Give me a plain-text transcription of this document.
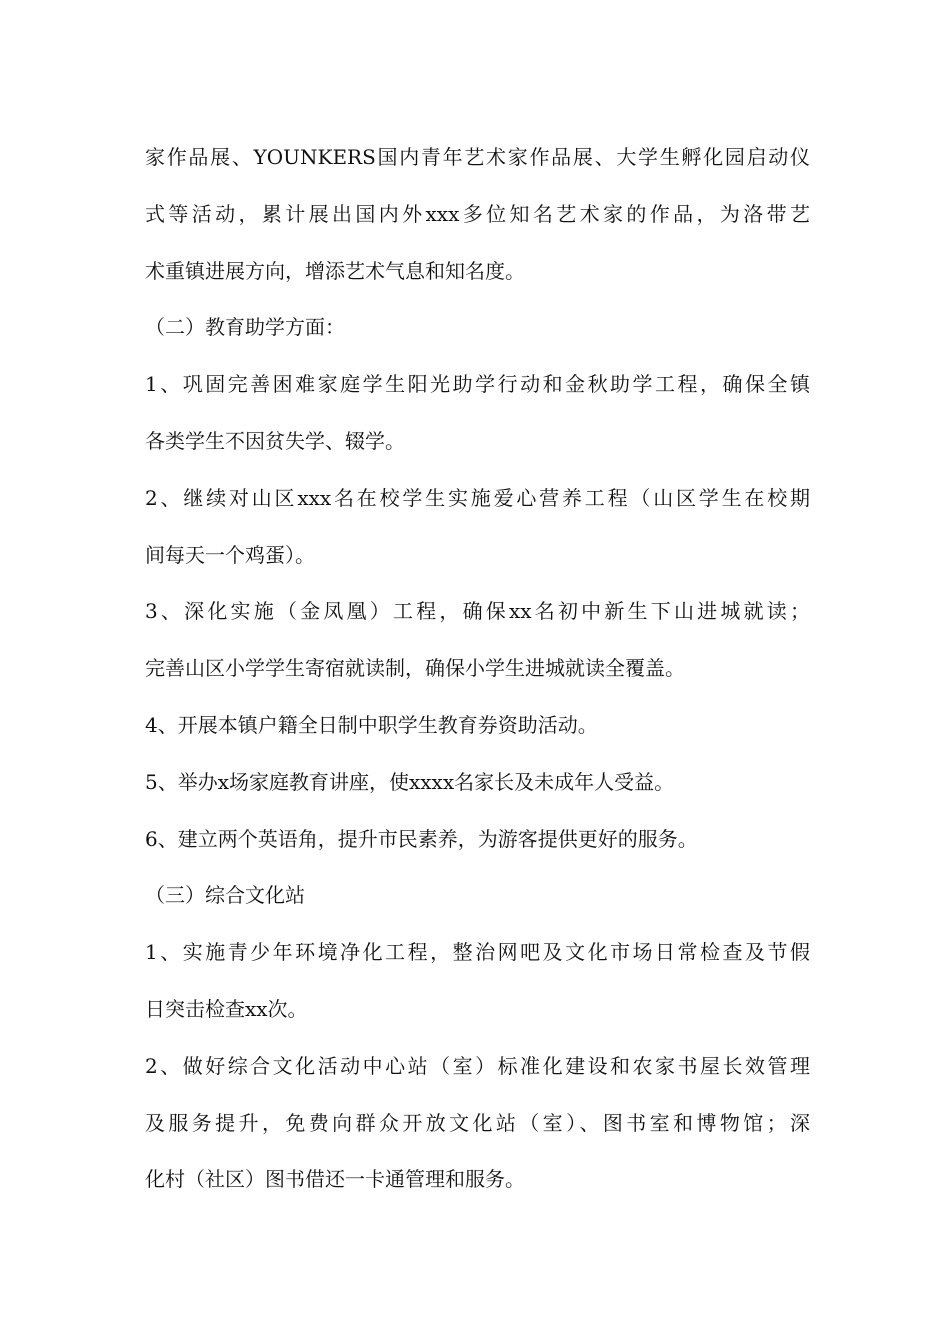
家作品展、YOUNKERS国内青年艺术家作品展、大学生孵化园启动仪
式等活动，累计展出国内外xxx多位知名艺术家的作品，为洛带艺
术重镇进展方向，增添艺术气息和知名度。
（二）教育助学方面：
1、巩固完善困难家庭学生阳光助学行动和金秋助学工程，确保全镇
各类学生不因贫失学、辍学。
2、继续对山区xxx名在校学生实施爱心营养工程（山区学生在校期
间每天一个鸡蛋）。
3、深化实施（金凤凰）工程，确保xx名初中新生下山进城就读；
完善山区小学学生寄宿就读制，确保小学生进城就读全覆盖。
4、开展本镇户籍全日制中职学生教育券资助活动。
5、举办x场家庭教育讲座，使xxxx名家长及未成年人受益。
6、建立两个英语角，提升市民素养，为游客提供更好的服务。
（三）综合文化站
1、实施青少年环境净化工程，整治网吧及文化市场日常检查及节假
日突击检查xx次。
2、做好综合文化活动中心站（室）标准化建设和农家书屋长效管理
及服务提升，免费向群众开放文化站（室）、图书室和博物馆；深
化村（社区）图书借还一卡通管理和服务。
